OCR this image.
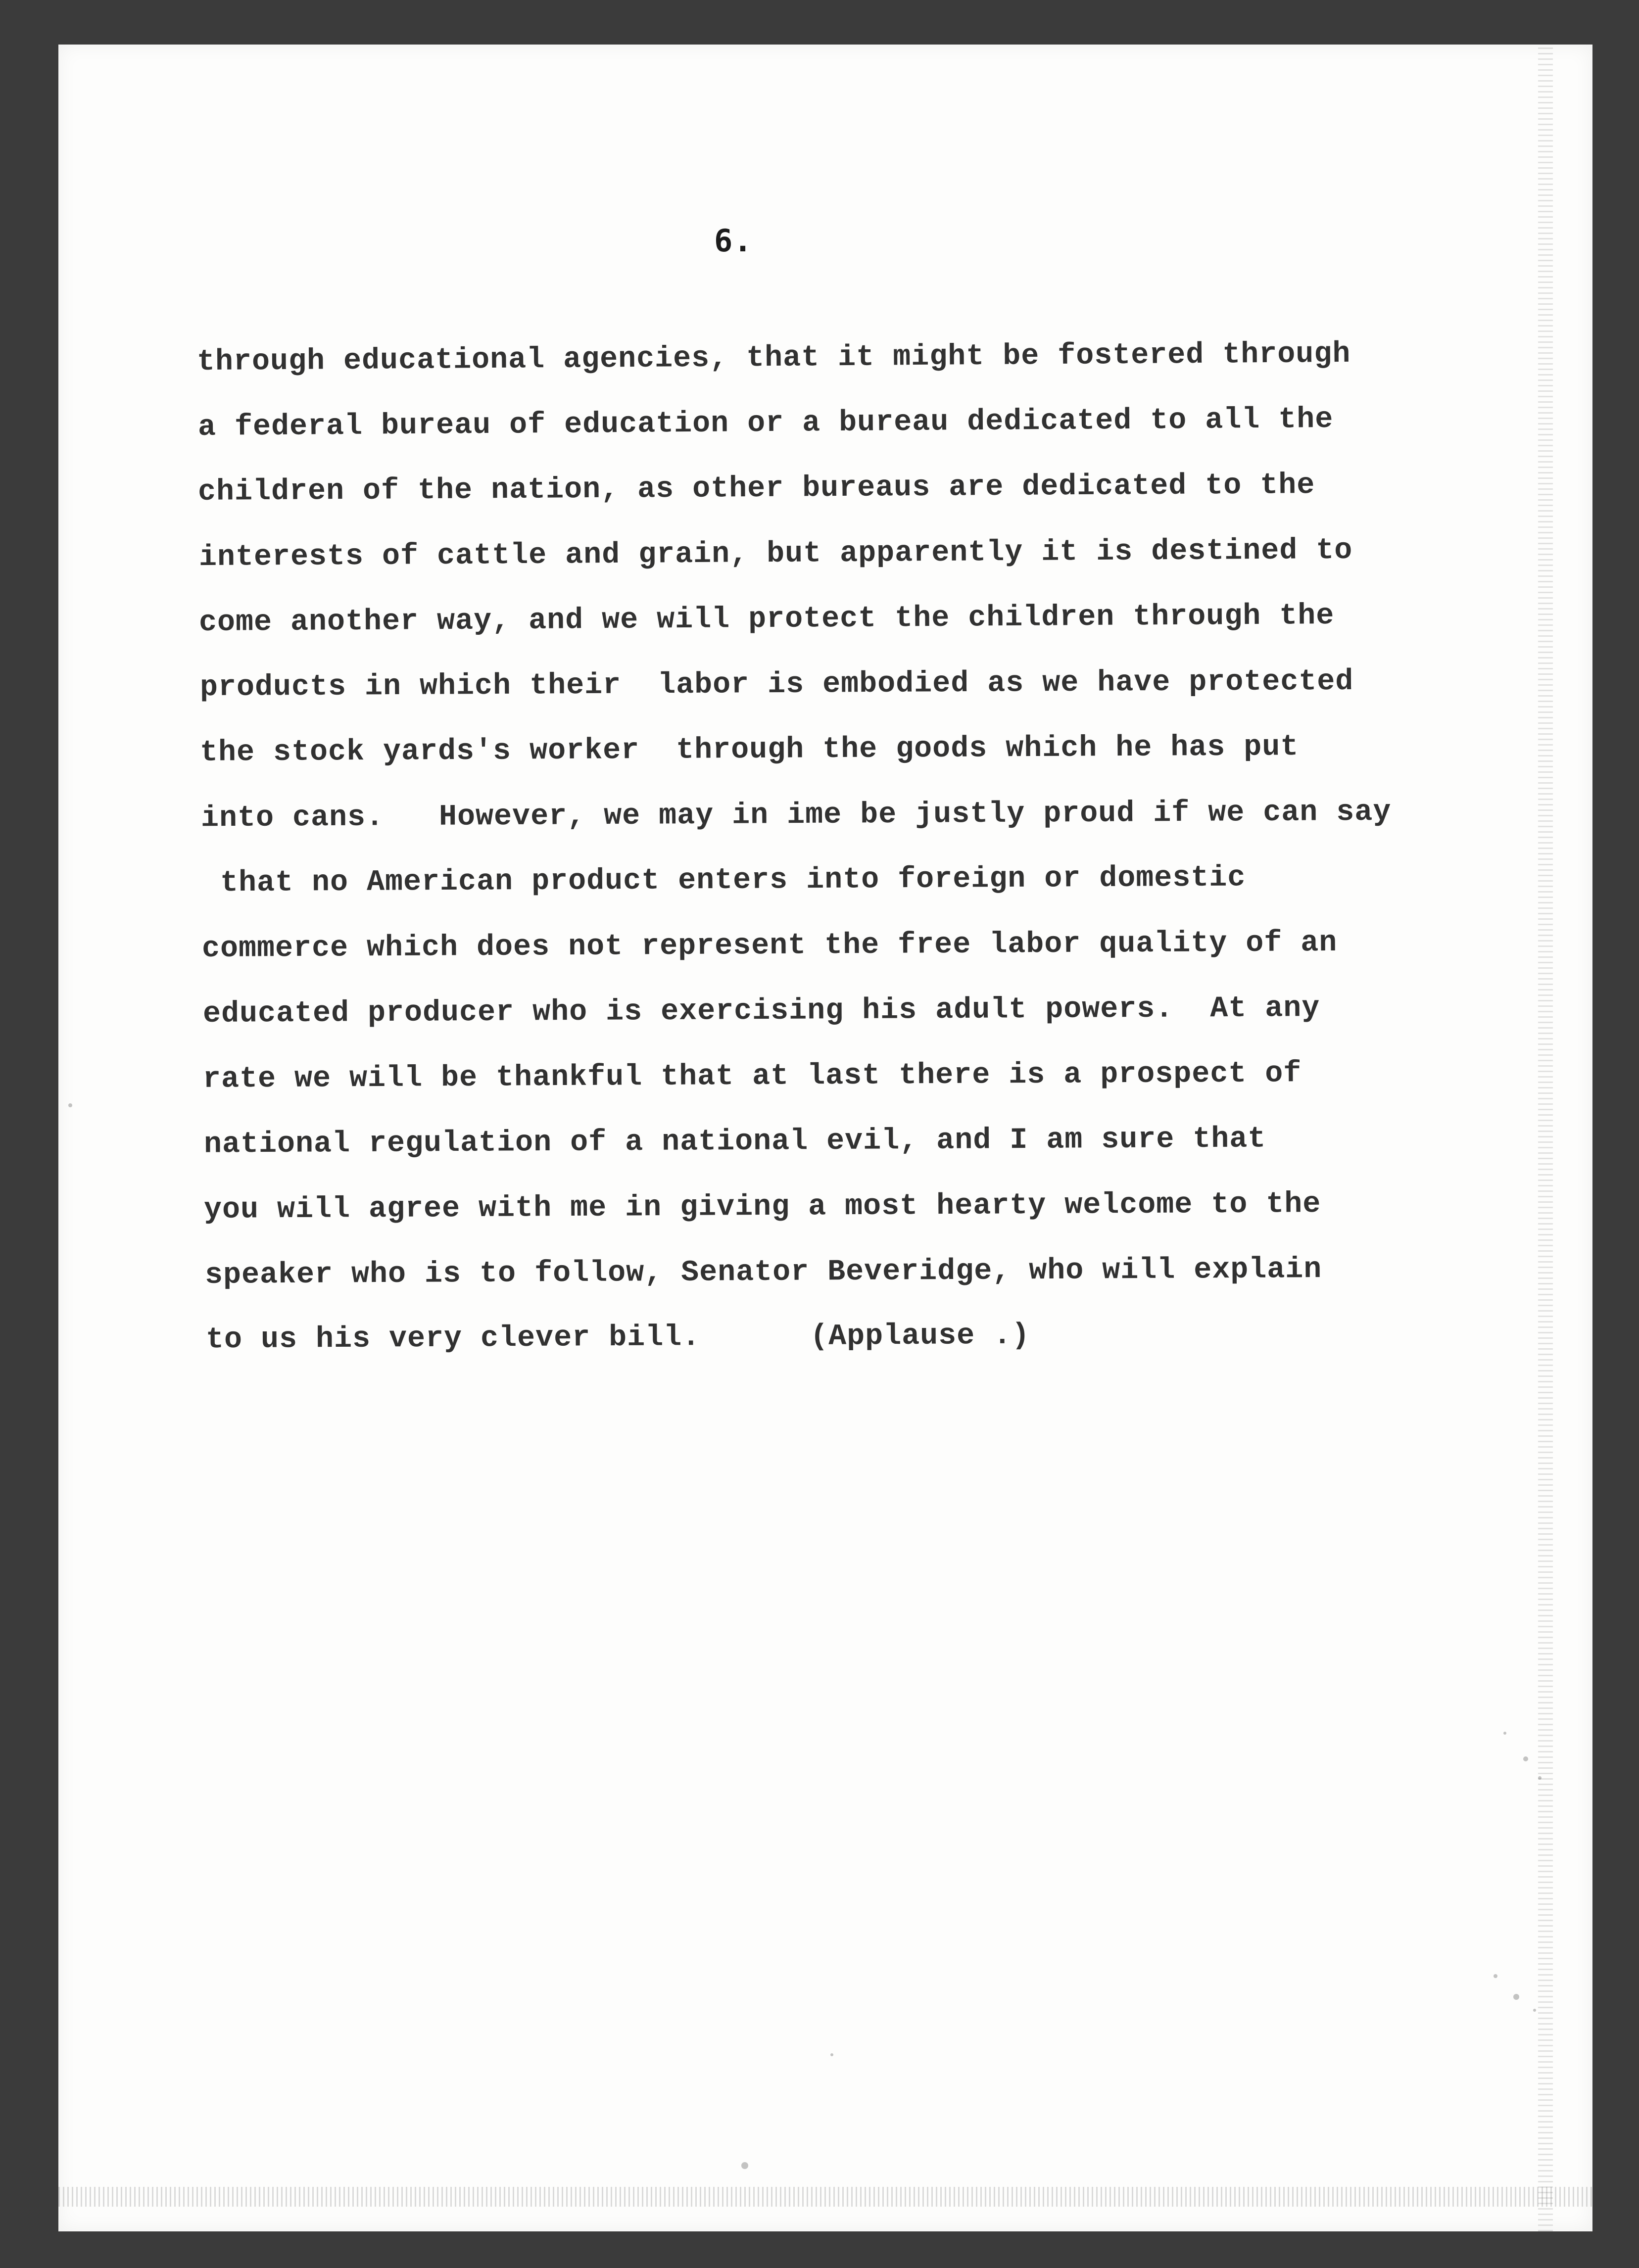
6.
through educational agencies, that it might be fostered through
a federal bureau of education or a bureau dedicated to all the
children of the nation, as other bureaus are dedicated to the
interests of cattle and grain, but apparently it is destined to
come another way, and we will protect the children through the
products in which their  labor is embodied as we have protected
the stock yards's worker  through the goods which he has put
into cans.   However, we may in ime be justly proud if we can say
that no American product enters into foreign or domestic
commerce which does not represent the free labor quality of an
educated producer who is exercising his adult powers.  At any
rate we will be thankful that at last there is a prospect of
national regulation of a national evil, and I am sure that
you will agree with me in giving a most hearty welcome to the
speaker who is to follow, Senator Beveridge, who will explain
to us his very clever bill.      (Applause .)
